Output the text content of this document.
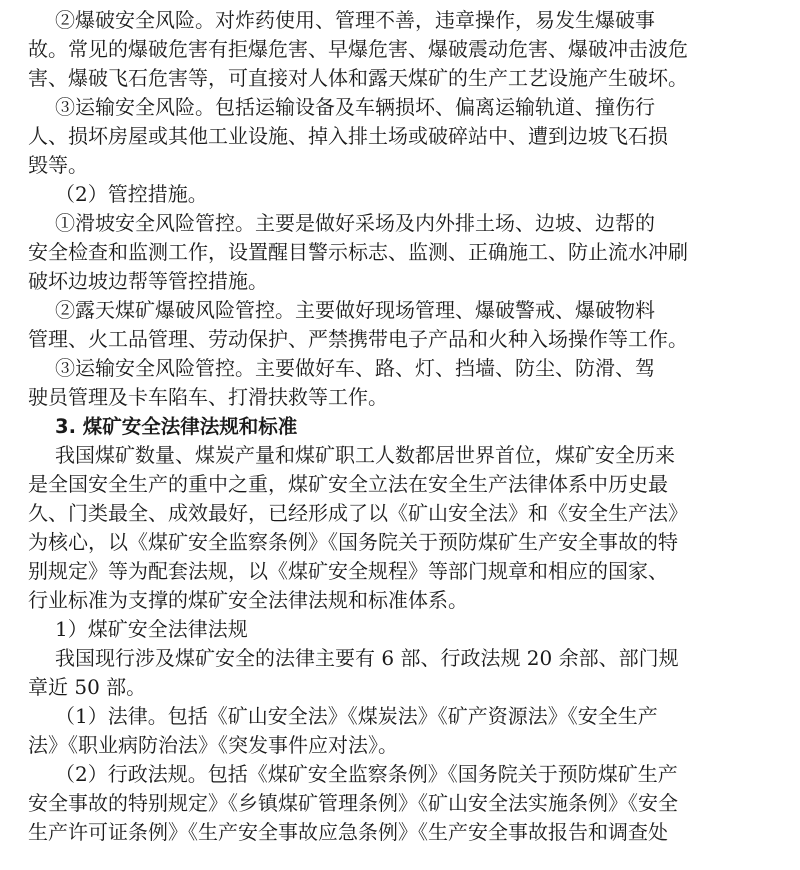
②爆破安全风险。对炸药使用、管理不善，违章操作，易发生爆破事
故。常见的爆破危害有拒爆危害、早爆危害、爆破震动危害、爆破冲击波危
害、爆破飞石危害等，可直接对人体和露天煤矿的生产工艺设施产生破坏。
③运输安全风险。包括运输设备及车辆损坏、偏离运输轨道、撞伤行
人、损坏房屋或其他工业设施、掉入排土场或破碎站中、遭到边坡飞石损
毁等。
（2）管控措施。
①滑坡安全风险管控。主要是做好采场及内外排土场、边坡、边帮的
安全检查和监测工作，设置醒目警示标志、监测、正确施工、防止流水冲刷
破坏边坡边帮等管控措施。
②露天煤矿爆破风险管控。主要做好现场管理、爆破警戒、爆破物料
管理、火工品管理、劳动保护、严禁携带电子产品和火种入场操作等工作。
③运输安全风险管控。主要做好车、路、灯、挡墙、防尘、防滑、驾
驶员管理及卡车陷车、打滑扶救等工作。
3. 煤矿安全法律法规和标准
我国煤矿数量、煤炭产量和煤矿职工人数都居世界首位，煤矿安全历来
是全国安全生产的重中之重，煤矿安全立法在安全生产法律体系中历史最
久、门类最全、成效最好，已经形成了以《矿山安全法》和《安全生产法》
为核心，以《煤矿安全监察条例》《国务院关于预防煤矿生产安全事故的特
别规定》等为配套法规，以《煤矿安全规程》等部门规章和相应的国家、
行业标准为支撑的煤矿安全法律法规和标准体系。
1）煤矿安全法律法规
我国现行涉及煤矿安全的法律主要有 6 部、行政法规 20 余部、部门规
章近 50 部。
（1）法律。包括《矿山安全法》《煤炭法》《矿产资源法》《安全生产
法》《职业病防治法》《突发事件应对法》。
（2）行政法规。包括《煤矿安全监察条例》《国务院关于预防煤矿生产
安全事故的特别规定》《乡镇煤矿管理条例》《矿山安全法实施条例》《安全
生产许可证条例》《生产安全事故应急条例》《生产安全事故报告和调查处
